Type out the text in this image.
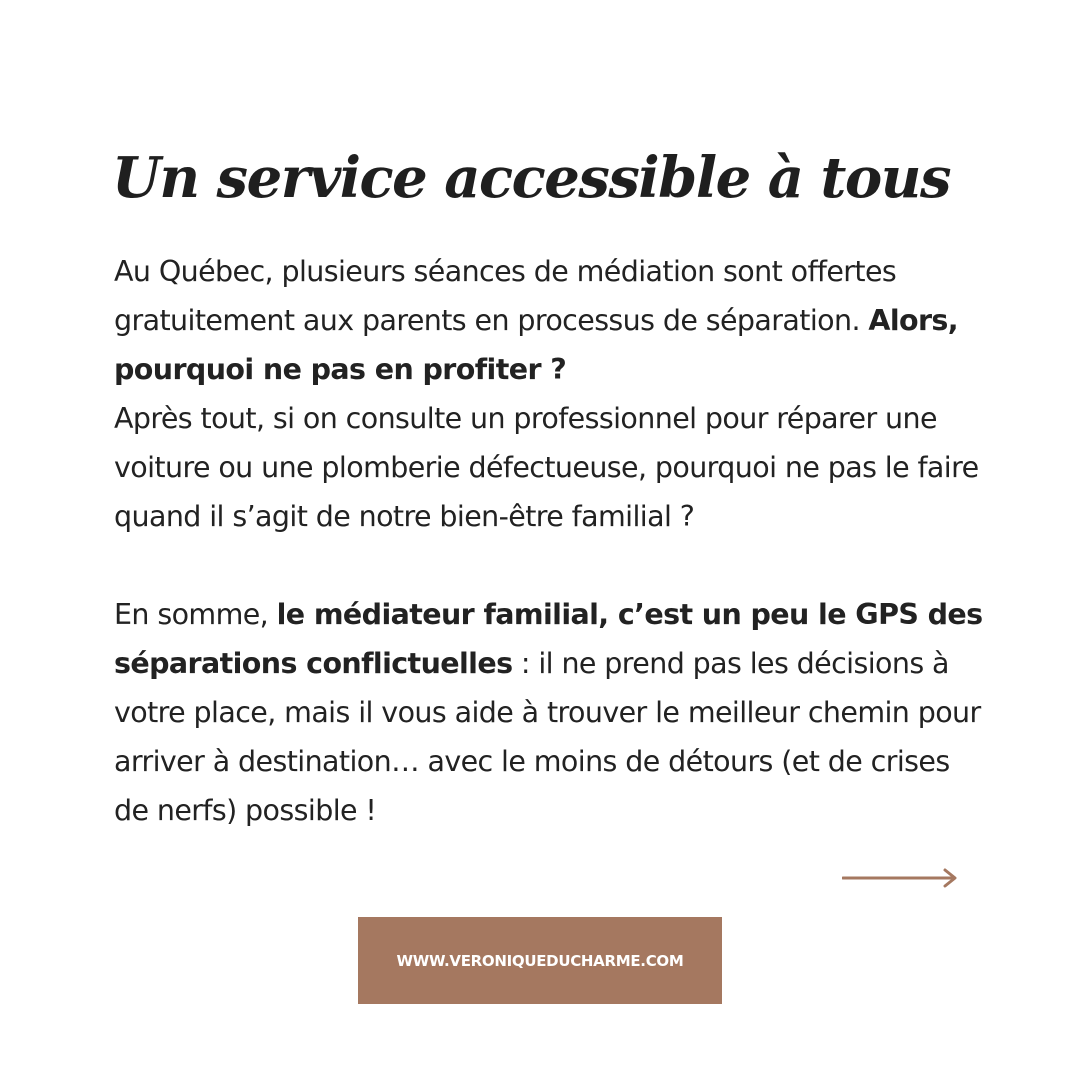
Un service accessible à tous

Au Québec, plusieurs séances de médiation sont offertes gratuitement aux parents en processus de séparation. Alors, pourquoi ne pas en profiter ?
Après tout, si on consulte un professionnel pour réparer une voiture ou une plomberie défectueuse, pourquoi ne pas le faire quand il s’agit de notre bien-être familial ?

En somme, le médiateur familial, c’est un peu le GPS des séparations conflictuelles : il ne prend pas les décisions à votre place, mais il vous aide à trouver le meilleur chemin pour arriver à destination… avec le moins de détours (et de crises de nerfs) possible !

WWW.VERONIQUEDUCHARME.COM
